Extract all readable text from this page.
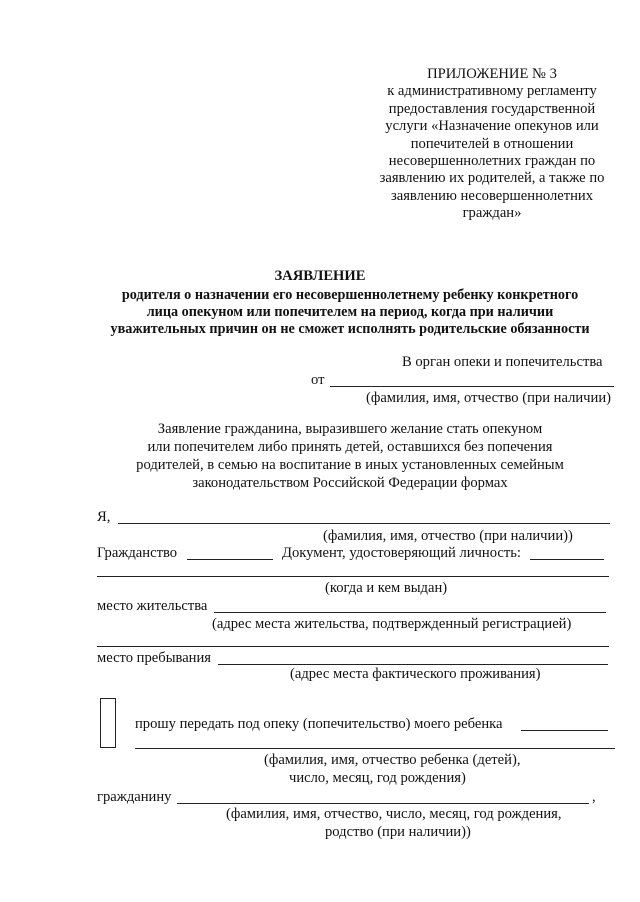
ПРИЛОЖЕНИЕ № 3
к административному регламенту
предоставления государственной
услуги «Назначение опекунов или
попечителей в отношении
несовершеннолетних граждан по
заявлению их родителей, а также по
заявлению несовершеннолетних
граждан»
ЗАЯВЛЕНИЕ
родителя о назначении его несовершеннолетнему ребенку конкретного
лица опекуном или попечителем на период, когда при наличии
уважительных причин он не сможет исполнять родительские обязанности
В орган опеки и попечительства
от
(фамилия, имя, отчество (при наличии)
Заявление гражданина, выразившего желание стать опекуном
или попечителем либо принять детей, оставшихся без попечения
родителей, в семью на воспитание в иных установленных семейным
законодательством Российской Федерации формах
Я,
(фамилия, имя, отчество (при наличии))
Гражданство	Документ, удостоверяющий личность:
(когда и кем выдан)
место жительства
(адрес места жительства, подтвержденный регистрацией)
место пребывания
(адрес места фактического проживания)
прошу передать под опеку (попечительство) моего ребенка
(фамилия, имя, отчество ребенка (детей),
число, месяц, год рождения)
гражданину	,
(фамилия, имя, отчество, число, месяц, год рождения,
родство (при наличии))
